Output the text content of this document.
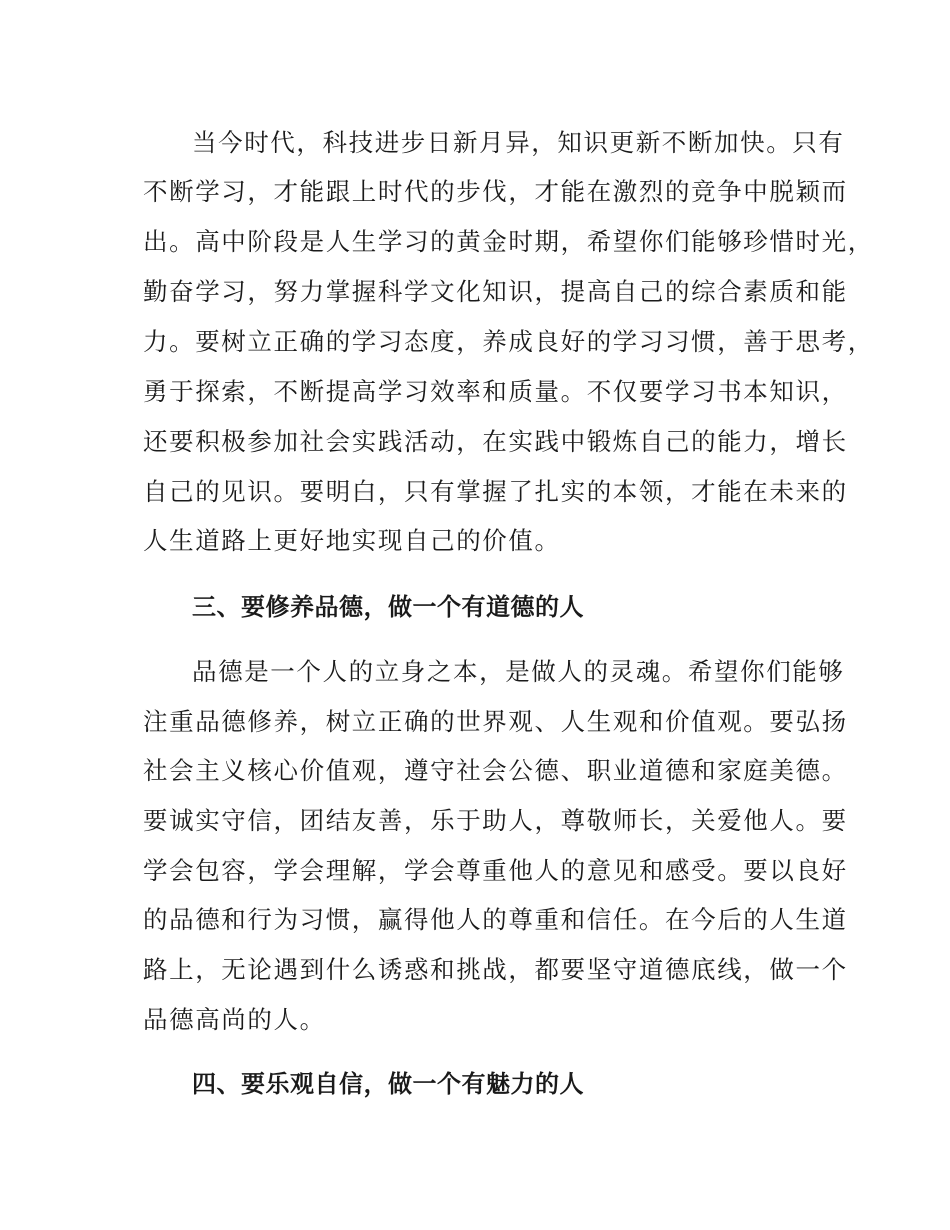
当今时代，科技进步日新月异，知识更新不断加快。只有
不断学习，才能跟上时代的步伐，才能在激烈的竞争中脱颖而
出。高中阶段是人生学习的黄金时期，希望你们能够珍惜时光，
勤奋学习，努力掌握科学文化知识，提高自己的综合素质和能
力。要树立正确的学习态度，养成良好的学习习惯，善于思考，
勇于探索，不断提高学习效率和质量。不仅要学习书本知识，
还要积极参加社会实践活动，在实践中锻炼自己的能力，增长
自己的见识。要明白，只有掌握了扎实的本领，才能在未来的
人生道路上更好地实现自己的价值。
三、要修养品德，做一个有道德的人
品德是一个人的立身之本，是做人的灵魂。希望你们能够
注重品德修养，树立正确的世界观、人生观和价值观。要弘扬
社会主义核心价值观，遵守社会公德、职业道德和家庭美德。
要诚实守信，团结友善，乐于助人，尊敬师长，关爱他人。要
学会包容，学会理解，学会尊重他人的意见和感受。要以良好
的品德和行为习惯，赢得他人的尊重和信任。在今后的人生道
路上，无论遇到什么诱惑和挑战，都要坚守道德底线，做一个
品德高尚的人。
四、要乐观自信，做一个有魅力的人
